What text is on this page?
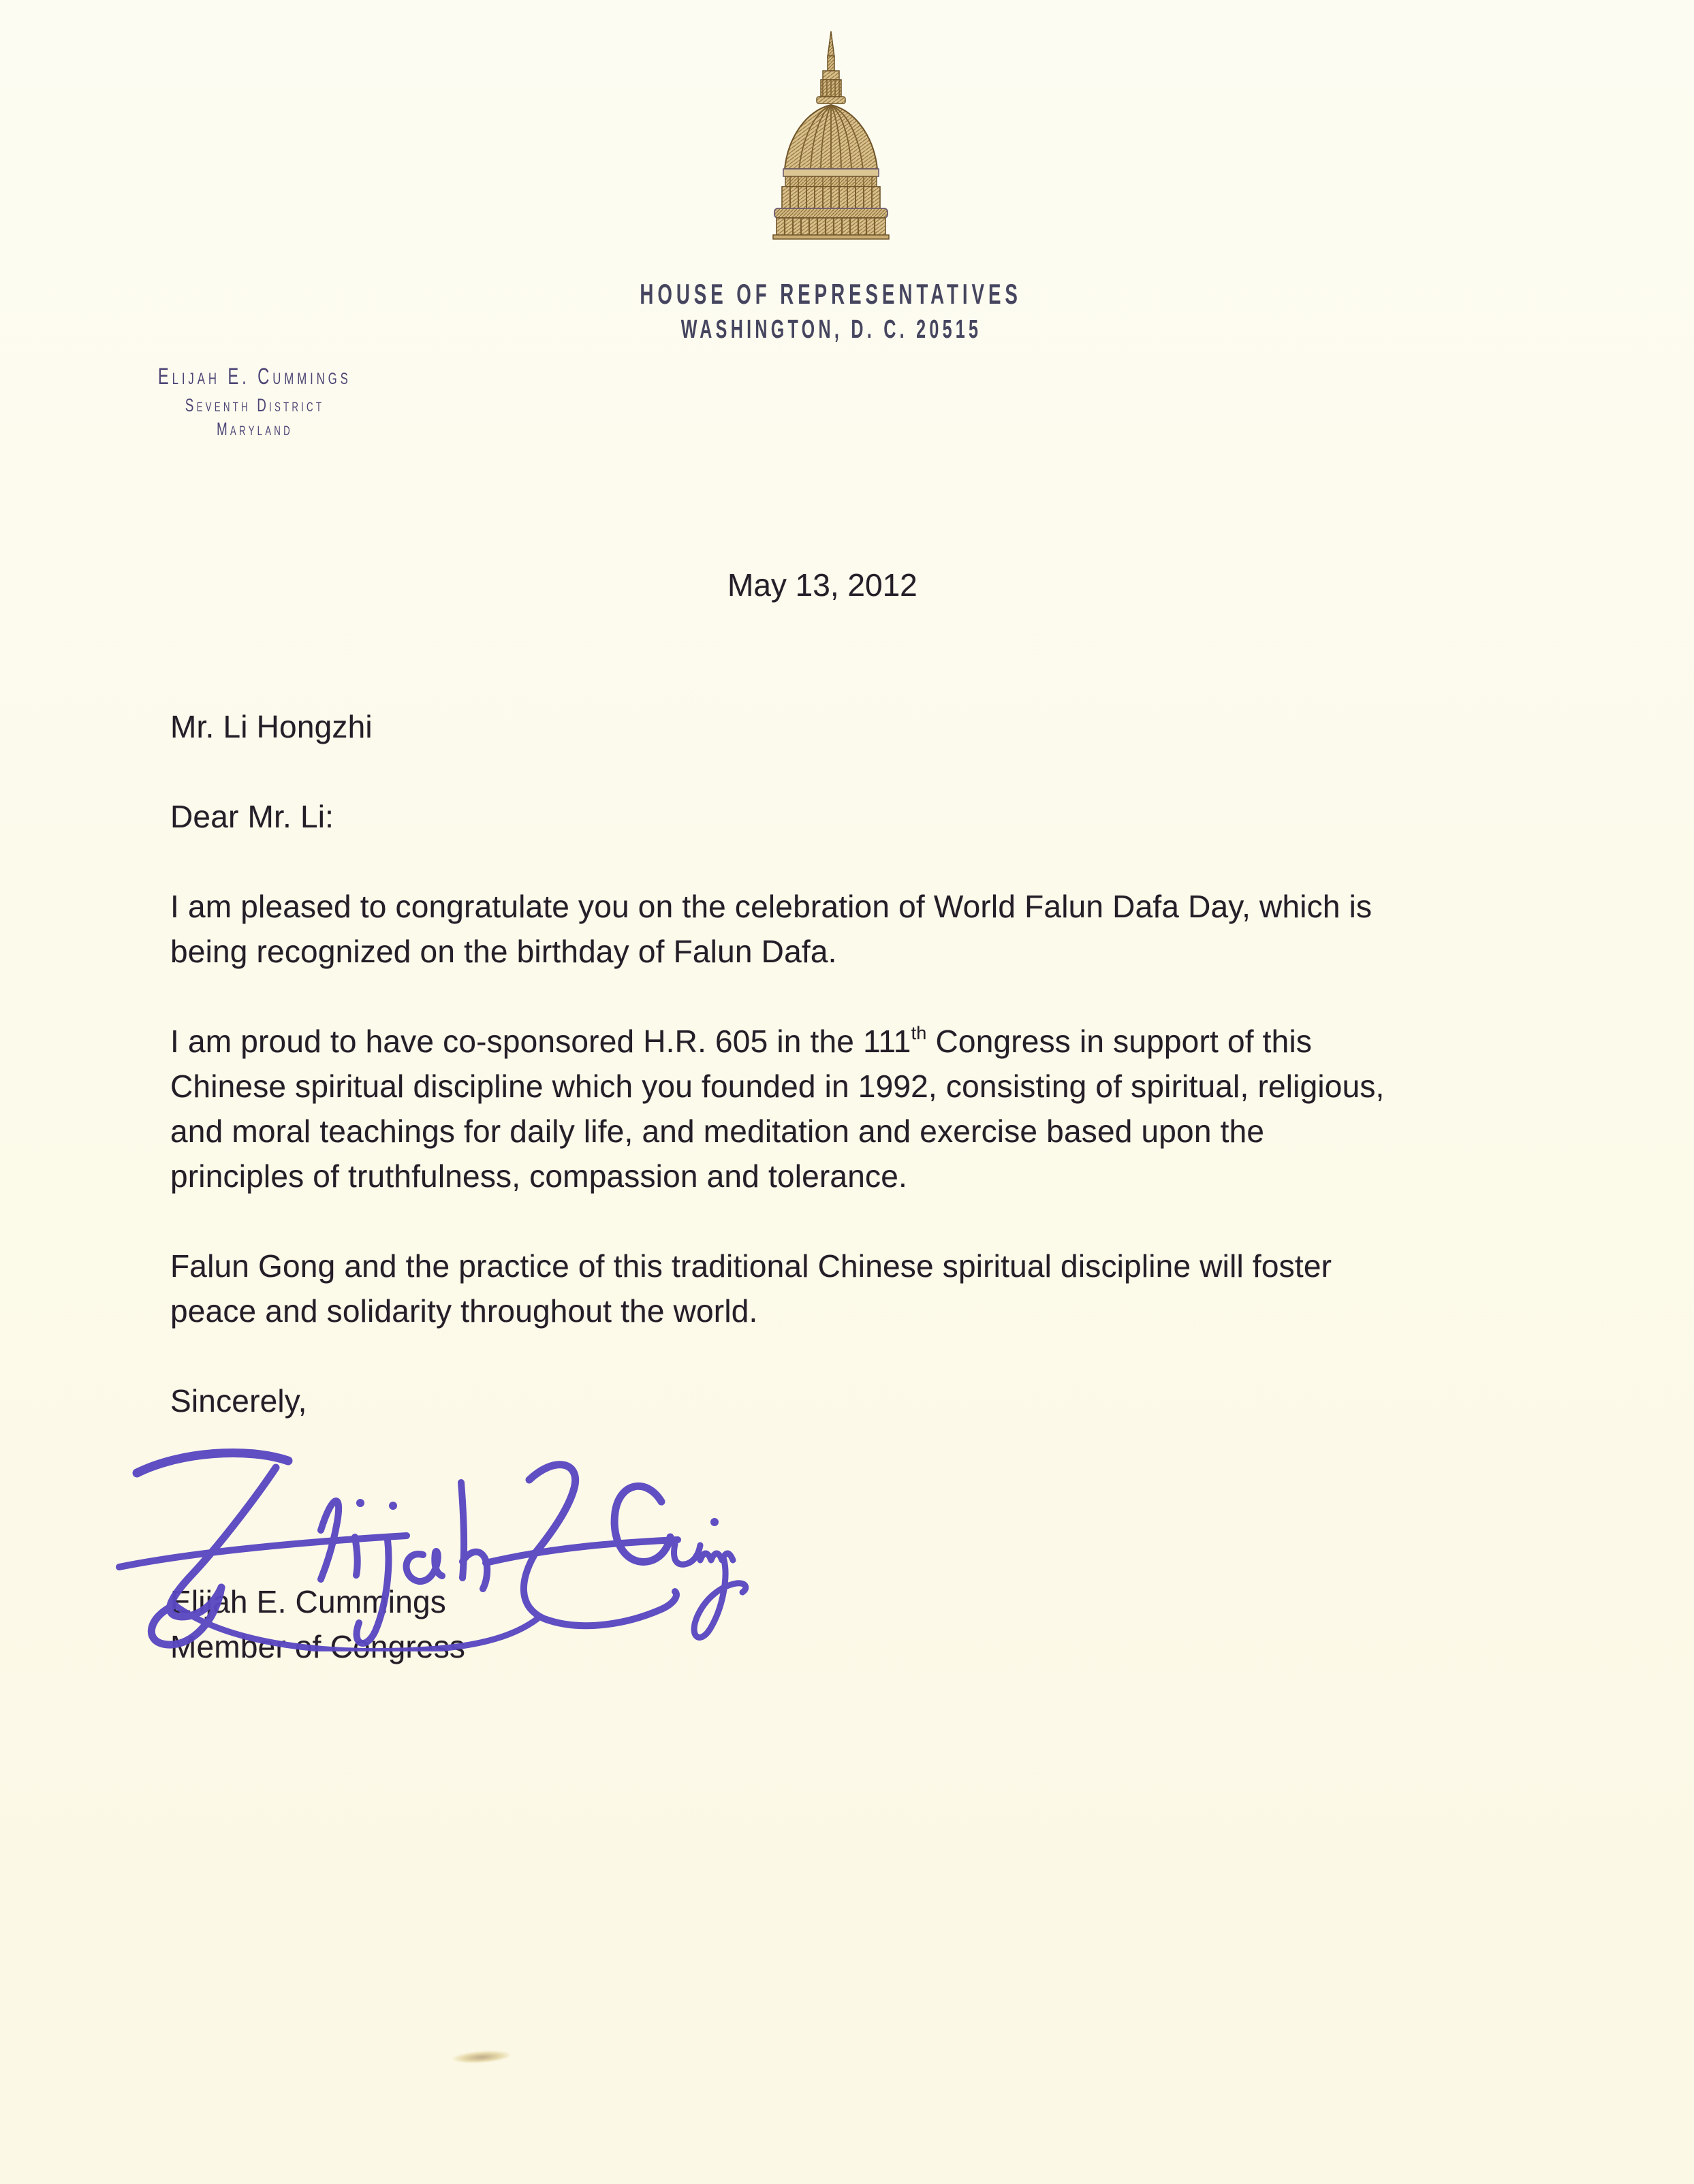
HOUSE OF REPRESENTATIVES
WASHINGTON, D. C. 20515
Elijah E. Cummings
Seventh District
Maryland
May 13, 2012
Mr. Li Hongzhi
Dear Mr. Li:
I am pleased to congratulate you on the celebration of World Falun Dafa Day, which is
being recognized on the birthday of Falun Dafa.
I am proud to have co-sponsored H.R. 605 in the 111th Congress in support of this
Chinese spiritual discipline which you founded in 1992, consisting of spiritual, religious,
and moral teachings for daily life, and meditation and exercise based upon the
principles of truthfulness, compassion and tolerance.
Falun Gong and the practice of this traditional Chinese spiritual discipline will foster
peace and solidarity throughout the world.
Sincerely,
Elijah E. Cummings
Member of Congress
